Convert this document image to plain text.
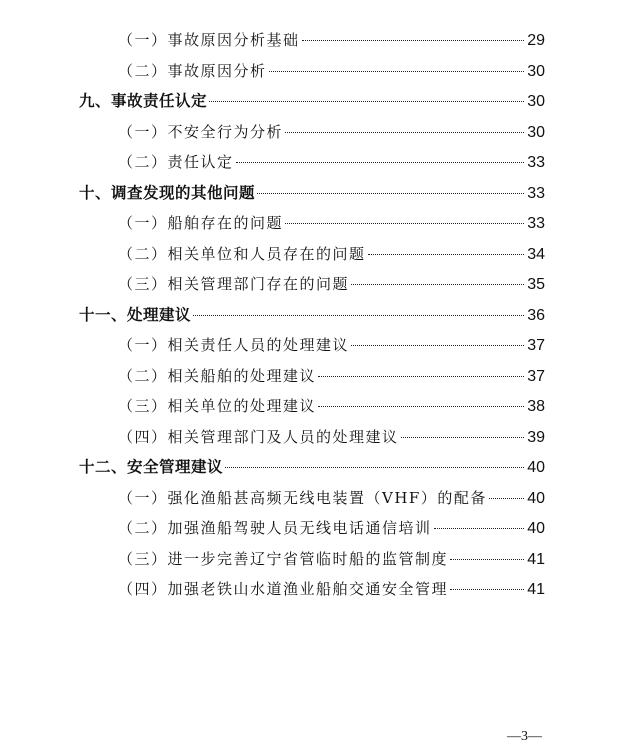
（一）事故原因分析基础	29
（二）事故原因分析	30
九、事故责任认定	30
（一）不安全行为分析	30
（二）责任认定	33
十、调查发现的其他问题	33
（一）船舶存在的问题	33
（二）相关单位和人员存在的问题	34
（三）相关管理部门存在的问题	35
十一、处理建议	36
（一）相关责任人员的处理建议	37
（二）相关船舶的处理建议	37
（三）相关单位的处理建议	38
（四）相关管理部门及人员的处理建议	39
十二、安全管理建议	40
（一）强化渔船甚高频无线电装置（VHF）的配备	40
（二）加强渔船驾驶人员无线电话通信培训	40
（三）进一步完善辽宁省管临时船的监管制度	41
（四）加强老铁山水道渔业船舶交通安全管理	41
—3—
